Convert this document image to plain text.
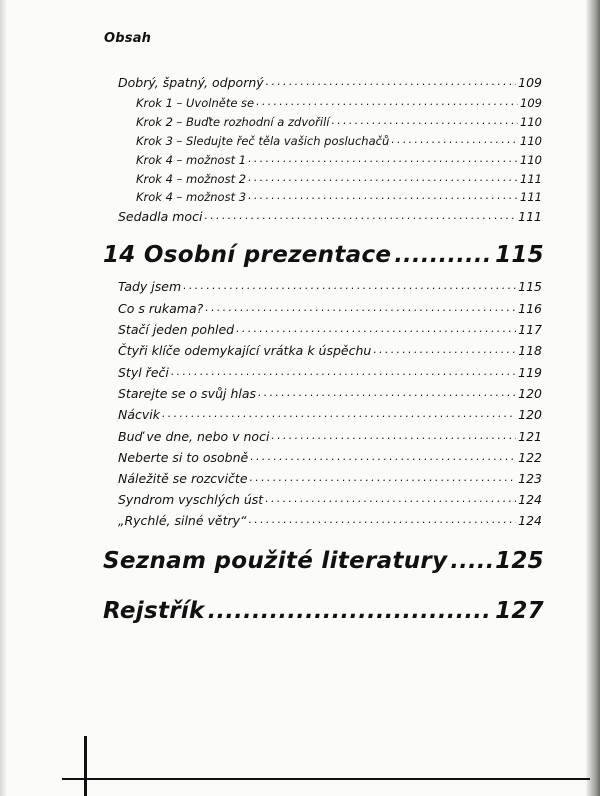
Obsah
Dobrý, špatný, odporný . . .	109
Krok 1 – Uvolněte se . . .	109
Krok 2 – Buďte rozhodní a zdvořilí . . .	110
Krok 3 – Sledujte řeč těla vašich posluchačů . . .	110
Krok 4 – možnost 1 . . .	110
Krok 4 – možnost 2 . . .	111
Krok 4 – možnost 3 . . .	111
Sedadla moci . . .	111
14 Osobní prezentace .....	115
Tady jsem . . .	115
Co s rukama? . . .	116
Stačí jeden pohled . . .	117
Čtyři klíče odemykající vrátka k úspěchu . . .	118
Styl řeči . . .	119
Starejte se o svůj hlas . . .	120
Nácvik . . .	120
Buď ve dne, nebo v noci . . .	121
Neberte si to osobně . . .	122
Náležitě se rozcvičte . . .	123
Syndrom vyschlých úst . . .	124
„Rychlé, silné větry“ . . .	124
Seznam použité literatury ..... 125
Rejstřík .....	127
